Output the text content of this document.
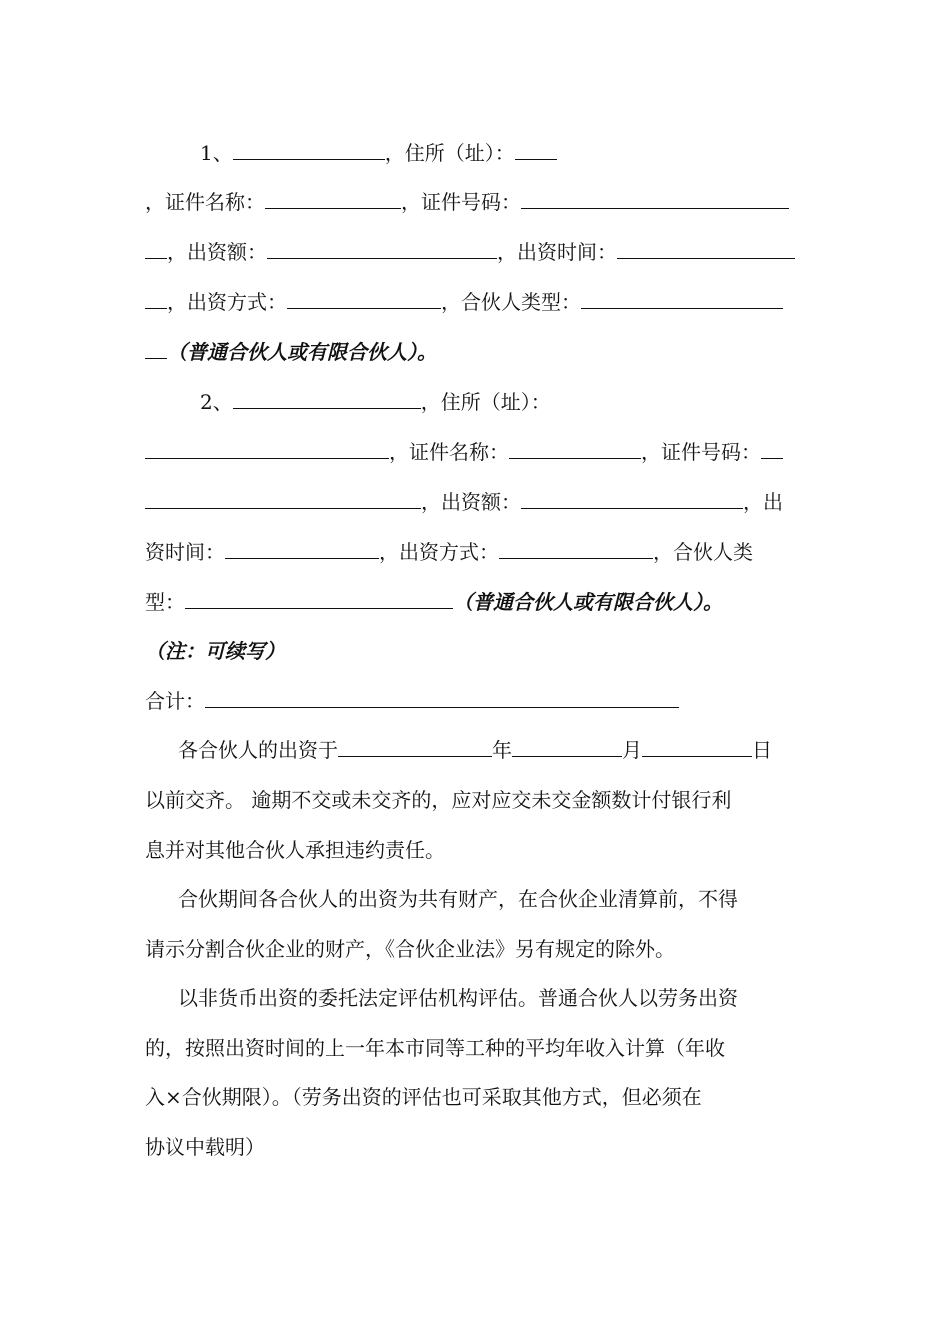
1、	，住所（址）：
，证件名称：	，证件号码：
，出资额：	，出资时间：
，出资方式：	，合伙人类型：
（普通合伙人或有限合伙人）。
2、	，住所（址）：
，证件名称：	，证件号码：
，出资额：	，出
资时间：	，出资方式：	，合伙人类
型：	（普通合伙人或有限合伙人）。
（注：可续写）
合计：
各合伙人的出资于	年	月	日
以前交齐。 逾期不交或未交齐的，应对应交未交金额数计付银行利
息并对其他合伙人承担违约责任。
合伙期间各合伙人的出资为共有财产，在合伙企业清算前，不得
请示分割合伙企业的财产，《合伙企业法》另有规定的除外。
以非货币出资的委托法定评估机构评估。普通合伙人以劳务出资
的，按照出资时间的上一年本市同等工种的平均年收入计算（年收
入×合伙期限）。（劳务出资的评估也可采取其他方式，但必须在
协议中载明）
